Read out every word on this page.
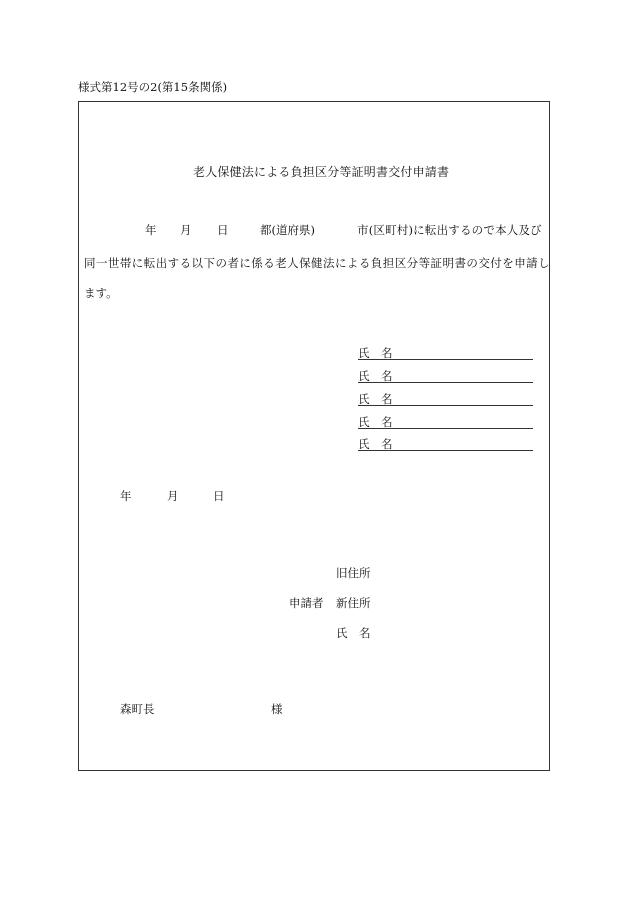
様式第12号の2(第15条関係)
老人保健法による負担区分等証明書交付申請書
年 月 日	都(道府県)	市(区町村)に転出するので本人及び
同一世帯に転出する以下の者に係る老人保健法による負担区分等証明書の交付を申請し
ます。
氏　名
氏　名
氏　名
氏　名
氏　名
年	月	日
旧住所
申請者 新住所
氏　名
森町長	様
